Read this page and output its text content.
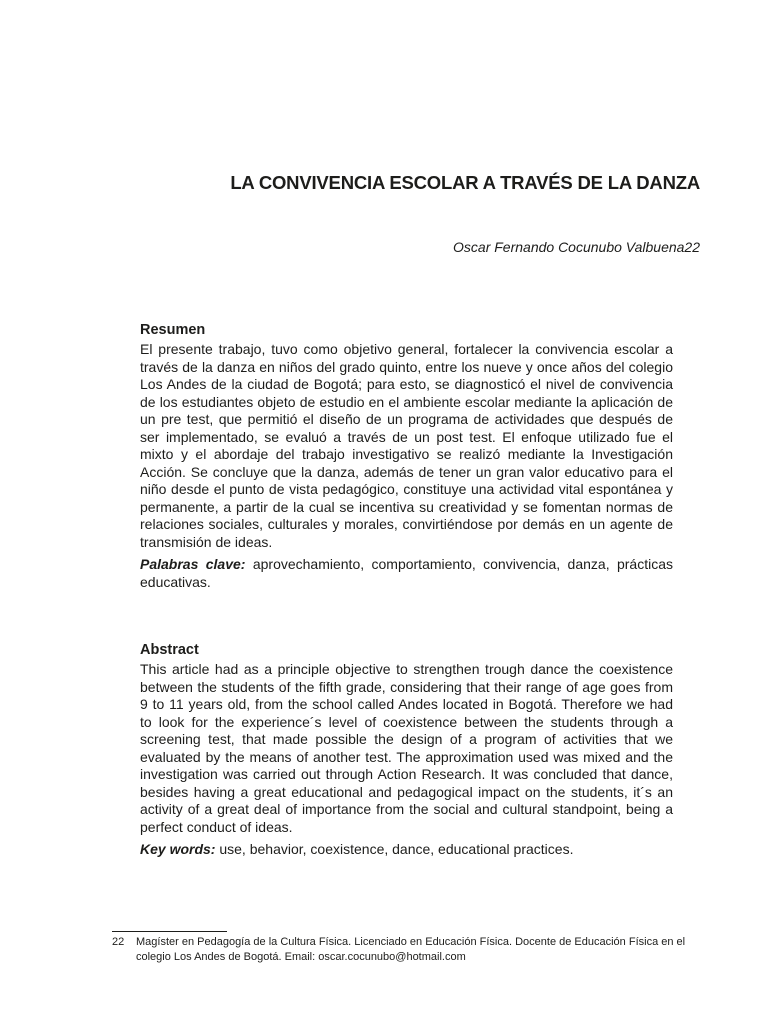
LA CONVIVENCIA ESCOLAR A TRAVÉS DE LA DANZA
Oscar Fernando Cocunubo Valbuena22

Resumen

El presente trabajo, tuvo como objetivo general, fortalecer la convivencia escolar a través de la danza en niños del grado quinto, entre los nueve y once años del colegio Los Andes de la ciudad de Bogotá; para esto, se diagnosticó el nivel de convivencia de los estudiantes objeto de estudio en el ambiente escolar mediante la aplicación de un pre test, que permitió el diseño de un programa de actividades que después de ser implementado, se evaluó a través de un post test. El enfoque utilizado fue el mixto y el abordaje del trabajo investigativo se realizó mediante la Investigación Acción. Se concluye que la danza, además de tener un gran valor educativo para el niño desde el punto de vista pedagógico, constituye una actividad vital espontánea y permanente, a partir de la cual se incentiva su creatividad y se fomentan normas de relaciones sociales, culturales y morales, convirtiéndose por demás en un agente de transmisión de ideas.

Palabras clave: aprovechamiento, comportamiento, convivencia, danza, prácticas educativas.

Abstract

This article had as a principle objective to strengthen trough dance the coexistence between the students of the fifth grade, considering that their range of age goes from 9 to 11 years old, from the school called Andes located in Bogotá. Therefore we had to look for the experience´s level of coexistence between the students through a screening test, that made possible the design of a program of activities that we evaluated by the means of another test. The approximation used was mixed and the investigation was carried out through Action Research. It was concluded that dance, besides having a great educational and pedagogical impact on the students, it´s an activity of a great deal of importance from the social and cultural standpoint, being a perfect conduct of ideas.

Key words: use, behavior, coexistence, dance, educational practices.

22 Magíster en Pedagogía de la Cultura Física. Licenciado en Educación Física. Docente de Educación Física en el colegio Los Andes de Bogotá. Email: oscar.cocunubo@hotmail.com
